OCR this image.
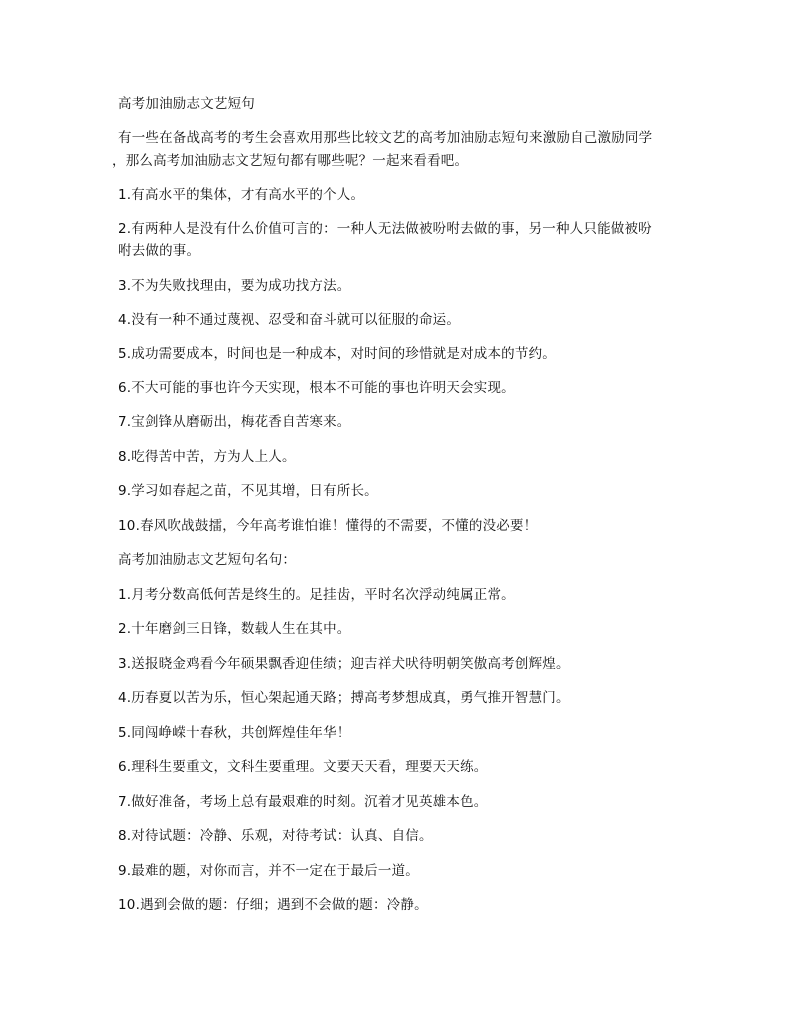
高考加油励志文艺短句
有一些在备战高考的考生会喜欢用那些比较文艺的高考加油励志短句来激励自己激励同学
，那么高考加油励志文艺短句都有哪些呢？一起来看看吧。
1.有高水平的集体，才有高水平的个人。
2.有两种人是没有什么价值可言的：一种人无法做被吩咐去做的事，另一种人只能做被吩
咐去做的事。
3.不为失败找理由，要为成功找方法。
4.没有一种不通过蔑视、忍受和奋斗就可以征服的命运。
5.成功需要成本，时间也是一种成本，对时间的珍惜就是对成本的节约。
6.不大可能的事也许今天实现，根本不可能的事也许明天会实现。
7.宝剑锋从磨砺出，梅花香自苦寒来。
8.吃得苦中苦，方为人上人。
9.学习如春起之苗，不见其增，日有所长。
10.春风吹战鼓擂，今年高考谁怕谁！懂得的不需要，不懂的没必要！
高考加油励志文艺短句名句：
1.月考分数高低何苦是终生的。足挂齿，平时名次浮动纯属正常。
2.十年磨剑三日锋，数载人生在其中。
3.送报晓金鸡看今年硕果飘香迎佳绩；迎吉祥犬吠待明朝笑傲高考创辉煌。
4.历春夏以苦为乐，恒心架起通天路；搏高考梦想成真，勇气推开智慧门。
5.同闯峥嵘十春秋，共创辉煌佳年华！
6.理科生要重文，文科生要重理。文要天天看，理要天天练。
7.做好准备，考场上总有最艰难的时刻。沉着才见英雄本色。
8.对待试题：冷静、乐观，对待考试：认真、自信。
9.最难的题，对你而言，并不一定在于最后一道。
10.遇到会做的题：仔细；遇到不会做的题：冷静。
